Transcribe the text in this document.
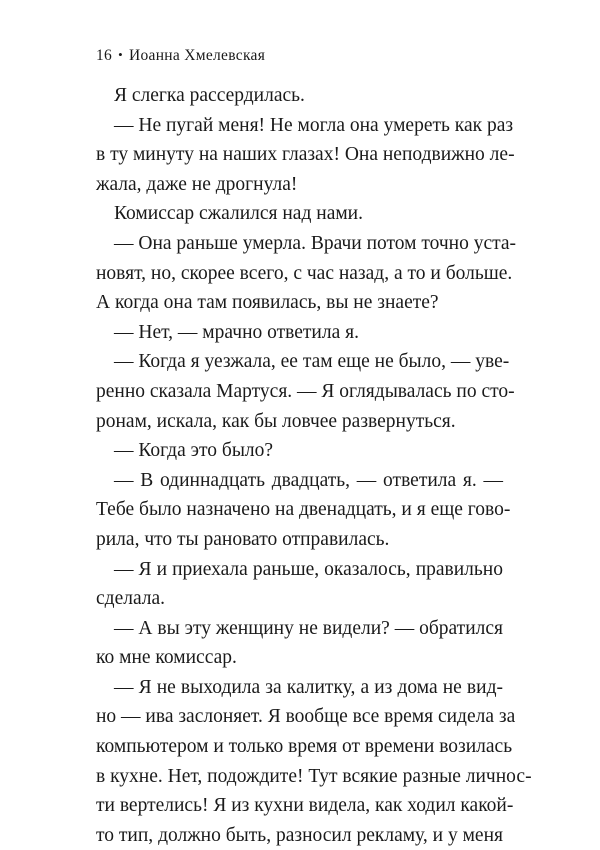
16 • Иоанна Хмелевская
Я слегка рассердилась.
— Не пугай меня! Не могла она умереть как раз
в ту минуту на наших глазах! Она неподвижно ле-
жала, даже не дрогнула!
Комиссар сжалился над нами.
— Она раньше умерла. Врачи потом точно уста-
новят, но, скорее всего, с час назад, а то и больше.
А когда она там появилась, вы не знаете?
— Нет, — мрачно ответила я.
— Когда я уезжала, ее там еще не было, — уве-
ренно сказала Мартуся. — Я оглядывалась по сто-
ронам, искала, как бы ловчее развернуться.
— Когда это было?
— В одиннадцать двадцать, — ответила я. —
Тебе было назначено на двенадцать, и я еще гово-
рила, что ты рановато отправилась.
— Я и приехала раньше, оказалось, правильно
сделала.
— А вы эту женщину не видели? — обратился
ко мне комиссар.
— Я не выходила за калитку, а из дома не вид-
но — ива заслоняет. Я вообще все время сидела за
компьютером и только время от времени возилась
в кухне. Нет, подождите! Тут всякие разные личнос-
ти вертелись! Я из кухни видела, как ходил какой-
то тип, должно быть, разносил рекламу, и у меня
